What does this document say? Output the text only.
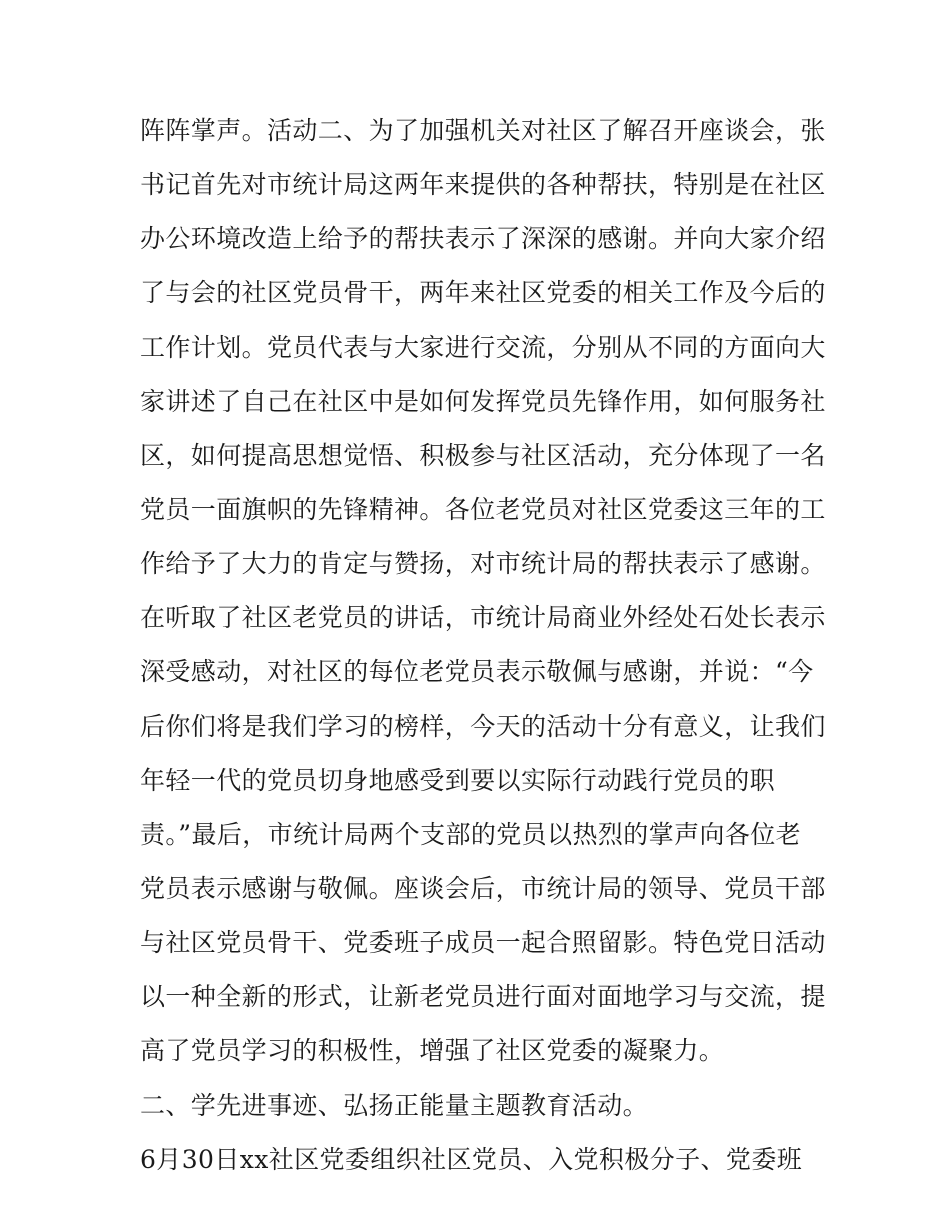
阵阵掌声。活动二、为了加强机关对社区了解召开座谈会，张
书记首先对市统计局这两年来提供的各种帮扶，特别是在社区
办公环境改造上给予的帮扶表示了深深的感谢。并向大家介绍
了与会的社区党员骨干，两年来社区党委的相关工作及今后的
工作计划。党员代表与大家进行交流，分别从不同的方面向大
家讲述了自己在社区中是如何发挥党员先锋作用，如何服务社
区，如何提高思想觉悟、积极参与社区活动，充分体现了一名
党员一面旗帜的先锋精神。各位老党员对社区党委这三年的工
作给予了大力的肯定与赞扬，对市统计局的帮扶表示了感谢。
在听取了社区老党员的讲话，市统计局商业外经处石处长表示
深受感动，对社区的每位老党员表示敬佩与感谢，并说：“今
后你们将是我们学习的榜样，今天的活动十分有意义，让我们
年轻一代的党员切身地感受到要以实际行动践行党员的职
责。”最后，市统计局两个支部的党员以热烈的掌声向各位老
党员表示感谢与敬佩。座谈会后，市统计局的领导、党员干部
与社区党员骨干、党委班子成员一起合照留影。特色党日活动
以一种全新的形式，让新老党员进行面对面地学习与交流，提
高了党员学习的积极性，增强了社区党委的凝聚力。
二、学先进事迹、弘扬正能量主题教育活动。
6月30日xx社区党委组织社区党员、入党积极分子、党委班
